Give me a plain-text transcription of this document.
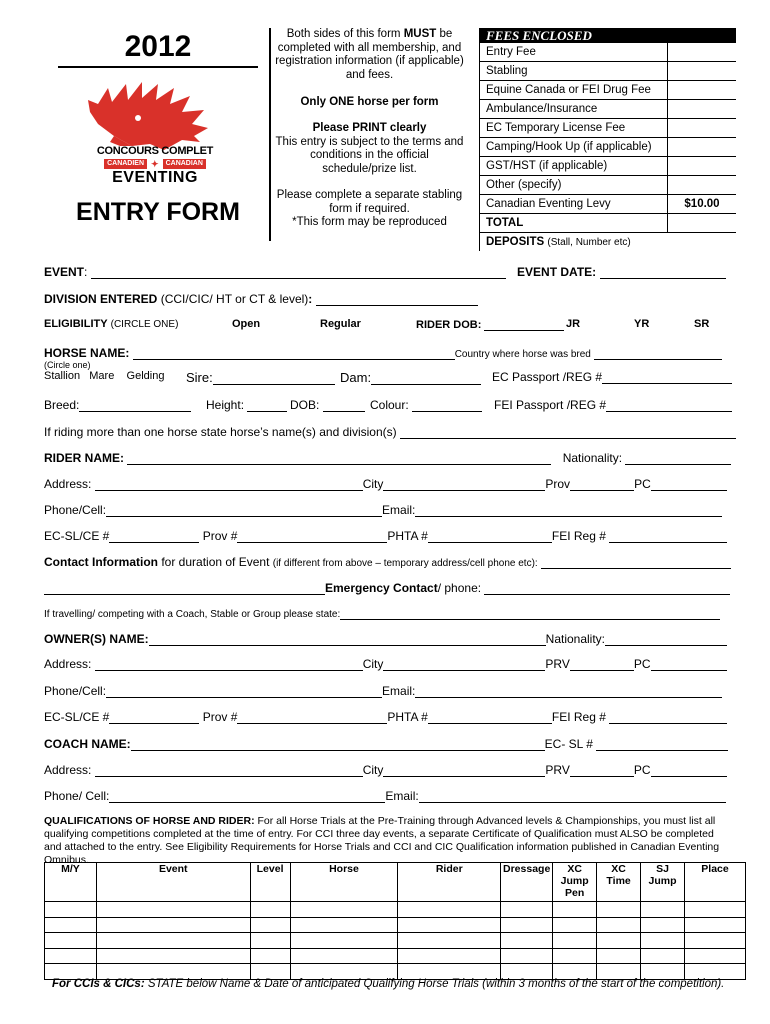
2012
CONCOURS COMPLET
CANADIEN ✦	CANADIAN
EVENTING
ENTRY FORM
Both sides of this form MUST be completed with all membership, and registration information (if applicable) and fees.
Only ONE horse per form
Please PRINT clearly
This entry is subject to the terms and conditions in the official schedule/prize list.
Please complete a separate stabling form if required.
*This form may be reproduced
FEES ENCLOSED
Entry Fee
Stabling
Equine Canada or FEI Drug Fee
Ambulance/Insurance
EC Temporary License Fee
Camping/Hook Up (if applicable)
GST/HST (if applicable)
Other (specify)
Canadian Eventing Levy	$10.00
TOTAL
DEPOSITS (Stall, Number etc)
EVENT:	EVENT DATE:
DIVISION ENTERED (CCI/CIC/ HT or CT & level):
ELIGIBILITY (CIRCLE ONE)	Open	Regular	RIDER DOB:	JR	YR	SR
HORSE NAME:	Country where horse was bred
(Circle one)
Stallion Mare Gelding Sire:	Dam:	EC Passport /REG #
Breed:	Height:	DOB:	Colour:	FEI Passport /REG #
If riding more than one horse state horse’s name(s) and division(s)
RIDER NAME:	Nationality:
Address:	City	Prov	PC
Phone/Cell:	Email:
EC-SL/CE #	Prov #	PHTA #	FEI Reg #
Contact Information for duration of Event (if different from above – temporary address/cell phone etc):
Emergency Contact/ phone:
If travelling/ competing with a Coach, Stable or Group please state:
OWNER(S) NAME:	Nationality:
Address:	City	PRV	PC
Phone/Cell:	Email:
EC-SL/CE #	Prov #	PHTA #	FEI Reg #
COACH NAME:	EC- SL #
Address:	City	PRV	PC
Phone/ Cell:	Email:
QUALIFICATIONS OF HORSE AND RIDER: For all Horse Trials at the Pre-Training through Advanced levels & Championships, you must list all qualifying competitions completed at the time of entry. For CCI three day events, a separate Certificate of Qualification must ALSO be completed and attached to the entry. See Eligibility Requirements for Horse Trials and CCI and CIC Qualification information published in Canadian Eventing Omnibus.
M/Y	Event	Level	Horse	Rider	Dressage	XC
Jump
Pen	XC
Time	SJ
Jump	Place

For CCIs & CICs: STATE below Name & Date of anticipated Qualifying Horse Trials (within 3 months of the start of the competition).
